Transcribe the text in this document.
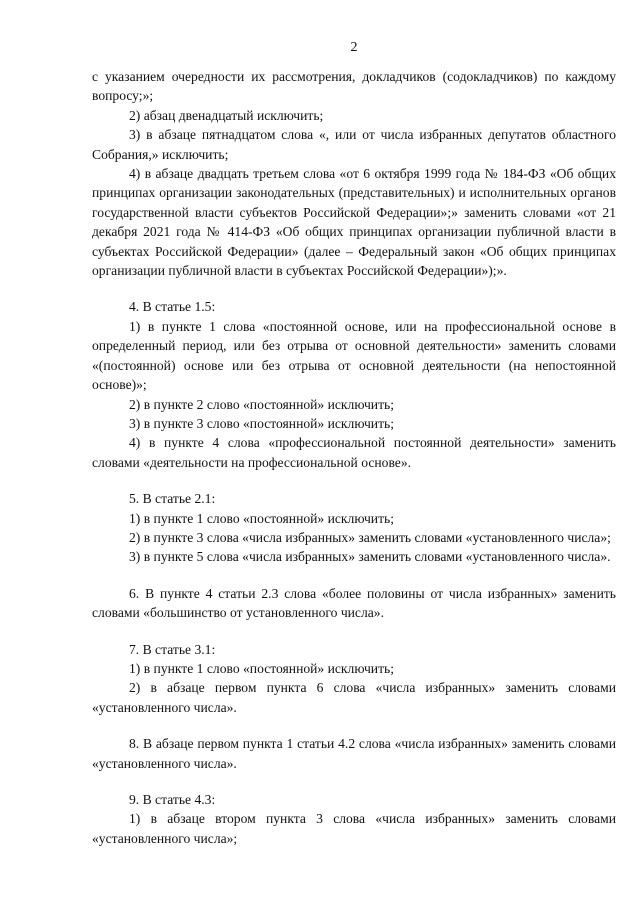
2

с указанием очередности их рассмотрения, докладчиков (содокладчиков) по каждому вопросу;»;

2) абзац двенадцатый исключить;

3) в абзаце пятнадцатом слова «, или от числа избранных депутатов областного Собрания,» исключить;

4) в абзаце двадцать третьем слова «от 6 октября 1999 года № 184-ФЗ «Об общих принципах организации законодательных (представительных) и исполнительных органов государственной власти субъектов Российской Федерации»;» заменить словами «от 21 декабря 2021 года № 414-ФЗ «Об общих принципах организации публичной власти в субъектах Российской Федерации» (далее – Федеральный закон «Об общих принципах организации публичной власти в субъектах Российской Федерации»);».

4. В статье 1.5:

1) в пункте 1 слова «постоянной основе, или на профессиональной основе в определенный период, или без отрыва от основной деятельности» заменить словами «(постоянной) основе или без отрыва от основной деятельности (на непостоянной основе)»;

2) в пункте 2 слово «постоянной» исключить;

3) в пункте 3 слово «постоянной» исключить;

4) в пункте 4 слова «профессиональной постоянной деятельности» заменить словами «деятельности на профессиональной основе».

5. В статье 2.1:

1) в пункте 1 слово «постоянной» исключить;

2) в пункте 3 слова «числа избранных» заменить словами «установленного числа»;

3) в пункте 5 слова «числа избранных» заменить словами «установленного числа».

6. В пункте 4 статьи 2.3 слова «более половины от числа избранных» заменить словами «большинство от установленного числа».

7. В статье 3.1:

1) в пункте 1 слово «постоянной» исключить;

2) в абзаце первом пункта 6 слова «числа избранных» заменить словами «установленного числа».

8. В абзаце первом пункта 1 статьи 4.2 слова «числа избранных» заменить словами «установленного числа».

9. В статье 4.3:

1) в абзаце втором пункта 3 слова «числа избранных» заменить словами «установленного числа»;
